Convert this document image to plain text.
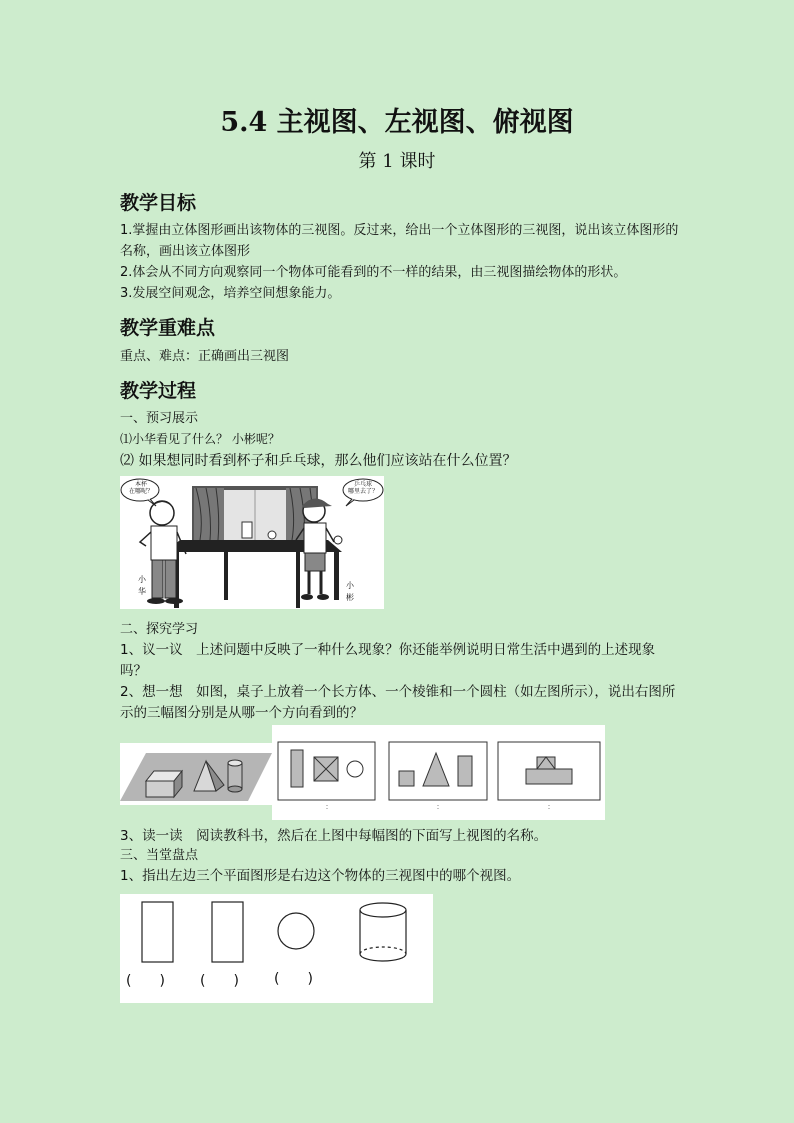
5.4 主视图、左视图、俯视图
第 1 课时
教学目标
1.掌握由立体图形画出该物体的三视图。反过来，给出一个立体图形的三视图，说出该立体图形的名称，画出该立体图形
2.体会从不同方向观察同一个物体可能看到的不一样的结果，由三视图描绘物体的形状。
3.发展空间观念，培养空间想象能力。
教学重难点
重点、难点：正确画出三视图
教学过程
一、预习展示
⑴小华看见了什么？ 小彬呢？
⑵ 如果想同时看到杯子和乒乓球，那么他们应该站在什么位置？
本杯
在哪呢？
乒乓球
哪里去了？
小
华
小
彬
二、探究学习
1、议一议　上述问题中反映了一种什么现象？你还能举例说明日常生活中遇到的上述现象吗？
2、想一想　如图，桌子上放着一个长方体、一个棱锥和一个圆柱（如左图所示），说出右图所示的三幅图分别是从哪一个方向看到的？
3、读一读　阅读教科书，然后在上图中每幅图的下面写上视图的名称。
三、当堂盘点
1、指出左边三个平面图形是右边这个物体的三视图中的哪个视图。
(　　)	(　　)	(　　)
